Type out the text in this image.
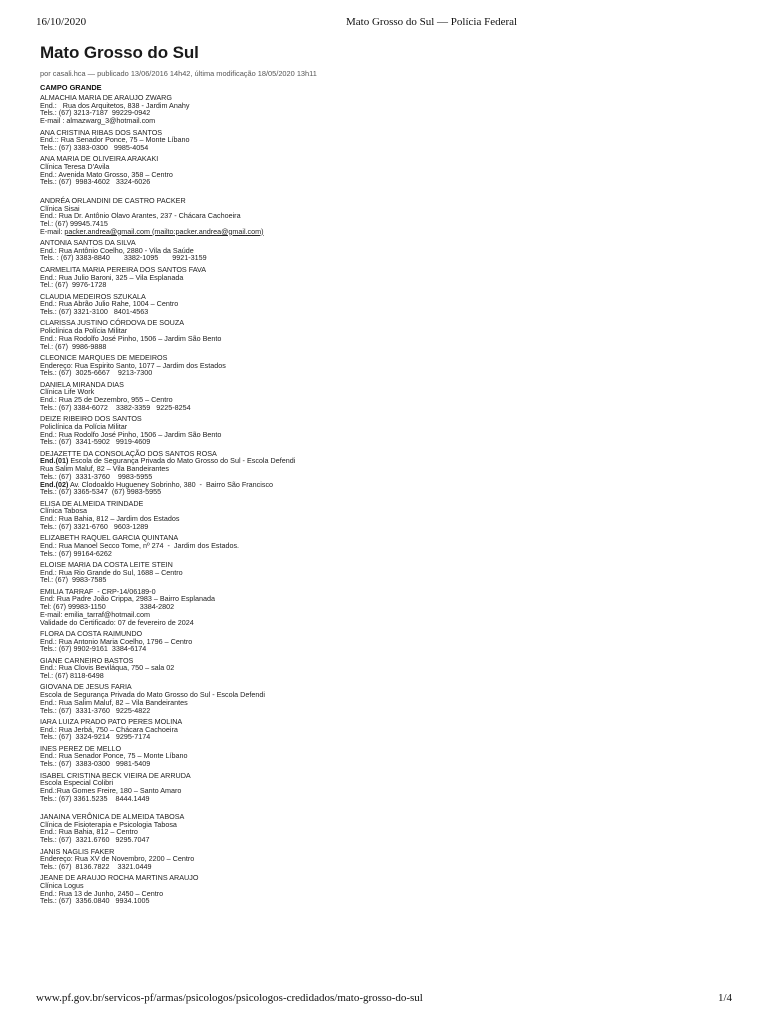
16/10/2020	Mato Grosso do Sul — Polícia Federal
Mato Grosso do Sul
por casali.hca — publicado 13/06/2016 14h42, última modificação 18/05/2020 13h11
CAMPO GRANDE
ALMACHIA MARIA DE ARAUJO ZWARG
End.:   Rua dos Arquitetos, 838 - Jardim Anahy
Tels.: (67) 3213-7187  99229-0942
E-mail : almazwarg_3@hotmail.com
ANA CRISTINA RIBAS DOS SANTOS
End.:: Rua Senador Ponce, 75 – Monte Líbano
Tels.: (67) 3383-0300   9985-4054
ANA MARIA DE OLIVEIRA ARAKAKI
Clínica Teresa D'Avila
End.: Avenida Mato Grosso, 358 – Centro
Tels.: (67)  9983-4602   3324-6026
ANDRÉA ORLANDINI DE CASTRO PACKER
Clínica Sisai
End.: Rua Dr. Antônio Olavo Arantes, 237 - Chácara Cachoeira
Tel.: (67) 99945.7415
E-mail: packer.andrea@gmail.com (mailto:packer.andrea@gmail.com)
ANTONIA SANTOS DA SILVA
End.: Rua Antônio Coelho, 2880 - Vila da Saúde
Tels. : (67) 3383-8840       3382-1095       9921-3159
CARMELITA MARIA PEREIRA DOS SANTOS FAVA
End.: Rua Julio Baroni, 325 – Vila Esplanada
Tel.: (67)  9976-1728
CLAUDIA MEDEIROS SZUKALA
End.: Rua Abrão Julio Rahe, 1004 – Centro
Tels.: (67) 3321-3100   8401-4563
CLARISSA JUSTINO CÓRDOVA DE SOUZA
Policlínica da Polícia Militar
End.: Rua Rodolfo José Pinho, 1506 – Jardim São Bento
Tel.: (67)  9986-9888
CLEONICE MARQUES DE MEDEIROS
Endereço: Rua Espirito Santo, 1077 – Jardim dos Estados
Tels.: (67)  3025-6667    9213-7300
DANIELA MIRANDA DIAS
Clínica Life Work
End.: Rua 25 de Dezembro, 955 – Centro
Tels.: (67) 3384-6072    3382-3359   9225-8254
DEIZE RIBEIRO DOS SANTOS
Policlínica da Polícia Militar
End.: Rua Rodolfo José Pinho, 1506 – Jardim São Bento
Tels.: (67)  3341-5902   9919-4609
DEJAZETTE DA CONSOLAÇÃO DOS SANTOS ROSA
End.(01) Escola de Segurança Privada do Mato Grosso do Sul - Escola Defendi
Rua Salim Maluf, 82 – Vila Bandeirantes
Tels.: (67)  3331-3760    9983-5955
End.(02) Av. Clodoaldo Hugueney Sobrinho, 380  -  Bairro São Francisco
Tels.: (67) 3365-5347  (67) 9983-5955
ELISA DE ALMEIDA TRINDADE
Clínica Tabosa
End.: Rua Bahia, 812 – Jardim dos Estados
Tels.: (67) 3321-6760   9603-1289
ELIZABETH RAQUEL GARCIA QUINTANA
End.: Rua Manoel Secco Tome, nº 274  -  Jardim dos Estados.
Tels.: (67) 99164-6262
ELOISE MARIA DA COSTA LEITE STEIN
End.: Rua Rio Grande do Sul, 1688 – Centro
Tel.: (67)  9983-7585
EMILIA TARRAF  - CRP-14/06189-0
End: Rua Padre João Crippa, 2983 – Bairro Esplanada
Tel: (67) 99983-1150                 3384-2802
E-mail: emilia_tarraf@hotmail.com
Validade do Certificado: 07 de fevereiro de 2024
FLORA DA COSTA RAIMUNDO
End.: Rua Antonio Maria Coelho, 1796 – Centro
Tels.: (67) 9902-9161  3384-6174
GIANE CARNEIRO BASTOS
End.: Rua Clovis Beviláqua, 750 – sala 02
Tel.: (67) 8118-6498
GIOVANA DE JESUS FARIA
Escola de Segurança Privada do Mato Grosso do Sul - Escola Defendi
End.: Rua Salim Maluf, 82 – Vila Bandeirantes
Tels.: (67)  3331-3760   9225-4822
IARA LUIZA PRADO PATO PERES MOLINA
End.: Rua Jerbá, 750 – Chácara Cachoeira
Tels.: (67)  3324-9214   9295-7174
INES PEREZ DE MELLO
End.: Rua Senador Ponce, 75 – Monte Líbano
Tels.: (67)  3383-0300   9981-5409
ISABEL CRISTINA BECK VIEIRA DE ARRUDA
Escola Especial Colibri
End.:Rua Gomes Freire, 180 – Santo Amaro
Tels.: (67) 3361.5235    8444.1449
JANAINA VERÔNICA DE ALMEIDA TABOSA
Clínica de Fisioterapia e Psicologia Tabosa
End.: Rua Bahia, 812 – Centro
Tels.: (67)  3321.6760   9295.7047
JANIS NAGLIS FAKER
Endereço: Rua XV de Novembro, 2200 – Centro
Tels.: (67)  8136.7822    3321.0449
JEANE DE ARAUJO ROCHA MARTINS ARAUJO
Clínica Logus
End.: Rua 13 de Junho, 2450 – Centro
Tels.: (67)  3356.0840   9934.1005
www.pf.gov.br/servicos-pf/armas/psicologos/psicologos-credidados/mato-grosso-do-sul	1/4
